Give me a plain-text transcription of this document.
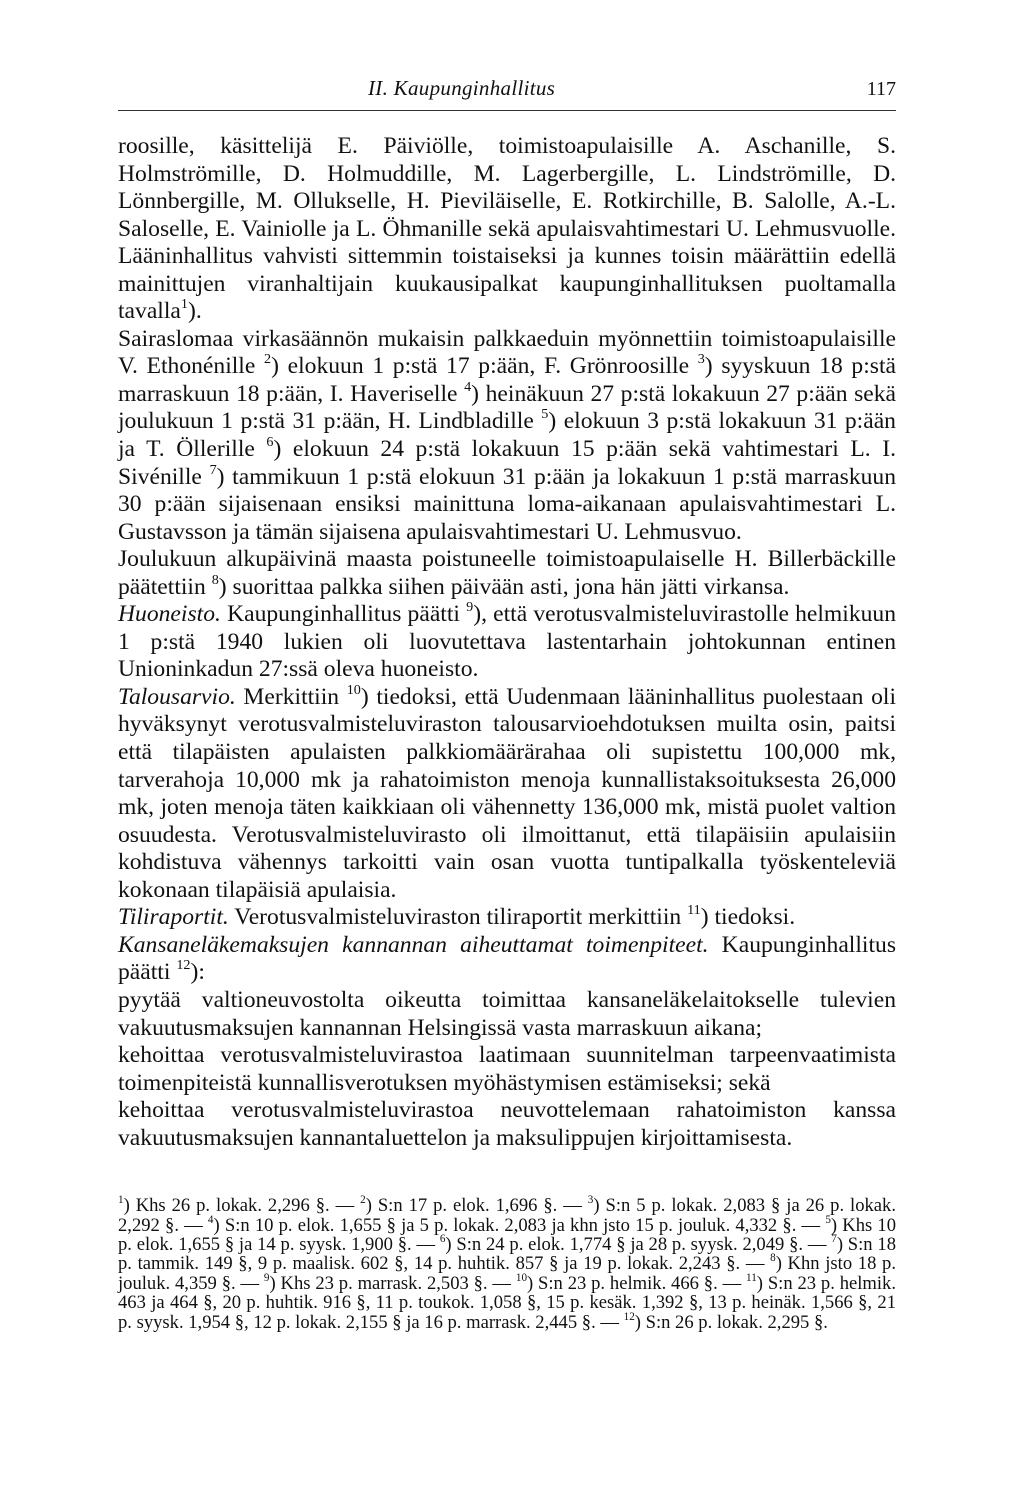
II. Kaupunginhallitus	117

roosille, käsittelijä E. Päiviölle, toimistoapulaisille A. Aschanille, S. Holmströmille, D. Holmuddille, M. Lagerbergille, L. Lindströmille, D. Lönnbergille, M. Ollukselle, H. Pieviläiselle, E. Rotkirchille, B. Salolle, A.-L. Saloselle, E. Vainiolle ja L. Öhmanille sekä apulaisvahtimestari U. Lehmusvuolle. Lääninhallitus vahvisti sittemmin toistaiseksi ja kunnes toisin määrättiin edellä mainittujen viranhaltijain kuukausipalkat kaupunginhallituksen puoltamalla tavalla$^1$).

Sairaslomaa virkasäännön mukaisin palkkaeduin myönnettiin toimistoapulaisille V. Ethonénille $^2$) elokuun 1 p:stä 17 p:ään, F. Grönroosille $^3$) syyskuun 18 p:stä marraskuun 18 p:ään, I. Haveriselle $^4$) heinäkuun 27 p:stä lokakuun 27 p:ään sekä joulukuun 1 p:stä 31 p:ään, H. Lindbladille $^5$) elokuun 3 p:stä lokakuun 31 p:ään ja T. Öllerille $^6$) elokuun 24 p:stä lokakuun 15 p:ään sekä vahtimestari L. I. Sivénille $^7$) tammikuun 1 p:stä elokuun 31 p:ään ja lokakuun 1 p:stä marraskuun 30 p:ään sijaisenaan ensiksi mainittuna loma-aikanaan apulaisvahtimestari L. Gustavsson ja tämän sijaisena apulaisvahtimestari U. Lehmusvuo.

Joulukuun alkupäivinä maasta poistuneelle toimistoapulaiselle H. Billerbäckille päätettiin $^8$) suorittaa palkka siihen päivään asti, jona hän jätti virkansa.

Huoneisto. Kaupunginhallitus päätti $^9$), että verotusvalmisteluvirastolle helmikuun 1 p:stä 1940 lukien oli luovutettava lastentarhain johtokunnan entinen Unioninkadun 27:ssä oleva huoneisto.

Talousarvio. Merkittiin $^{10}$) tiedoksi, että Uudenmaan lääninhallitus puolestaan oli hyväksynyt verotusvalmisteluviraston talousarvioehdotuksen muilta osin, paitsi että tilapäisten apulaisten palkkiomäärärahaa oli supistettu 100,000 mk, tarverahoja 10,000 mk ja rahatoimiston menoja kunnallistaksoituksesta 26,000 mk, joten menoja täten kaikkiaan oli vähennetty 136,000 mk, mistä puolet valtion osuudesta. Verotusvalmisteluvirasto oli ilmoittanut, että tilapäisiin apulaisiin kohdistuva vähennys tarkoitti vain osan vuotta tuntipalkalla työskenteleviä kokonaan tilapäisiä apulaisia.

Tiliraportit. Verotusvalmisteluviraston tiliraportit merkittiin $^{11}$) tiedoksi.

Kansaneläkemaksujen kannannan aiheuttamat toimenpiteet. Kaupunginhallitus päätti $^{12}$):

pyytää valtioneuvostolta oikeutta toimittaa kansaneläkelaitokselle tulevien vakuutusmaksujen kannannan Helsingissä vasta marraskuun aikana;

kehoittaa verotusvalmisteluvirastoa laatimaan suunnitelman tarpeenvaatimista toimenpiteistä kunnallisverotuksen myöhästymisen estämiseksi; sekä

kehoittaa verotusvalmisteluvirastoa neuvottelemaan rahatoimiston kanssa vakuutusmaksujen kannantaluettelon ja maksulippujen kirjoittamisesta.

$^1$) Khs 26 p. lokak. 2,296 §. — $^2$) S:n 17 p. elok. 1,696 §. — $^3$) S:n 5 p. lokak. 2,083 § ja 26 p. lokak. 2,292 §. — $^4$) S:n 10 p. elok. 1,655 § ja 5 p. lokak. 2,083 ja khn jsto 15 p. jouluk. 4,332 §. — $^5$) Khs 10 p. elok. 1,655 § ja 14 p. syysk. 1,900 §. — $^6$) S:n 24 p. elok. 1,774 § ja 28 p. syysk. 2,049 §. — $^7$) S:n 18 p. tammik. 149 §, 9 p. maalisk. 602 §, 14 p. huhtik. 857 § ja 19 p. lokak. 2,243 §. — $^8$) Khn jsto 18 p. jouluk. 4,359 §. — $^9$) Khs 23 p. marrask. 2,503 §. — $^{10}$) S:n 23 p. helmik. 466 §. — $^{11}$) S:n 23 p. helmik. 463 ja 464 §, 20 p. huhtik. 916 §, 11 p. toukok. 1,058 §, 15 p. kesäk. 1,392 §, 13 p. heinäk. 1,566 §, 21 p. syysk. 1,954 §, 12 p. lokak. 2,155 § ja 16 p. marrask. 2,445 §. — $^{12}$) S:n 26 p. lokak. 2,295 §.
